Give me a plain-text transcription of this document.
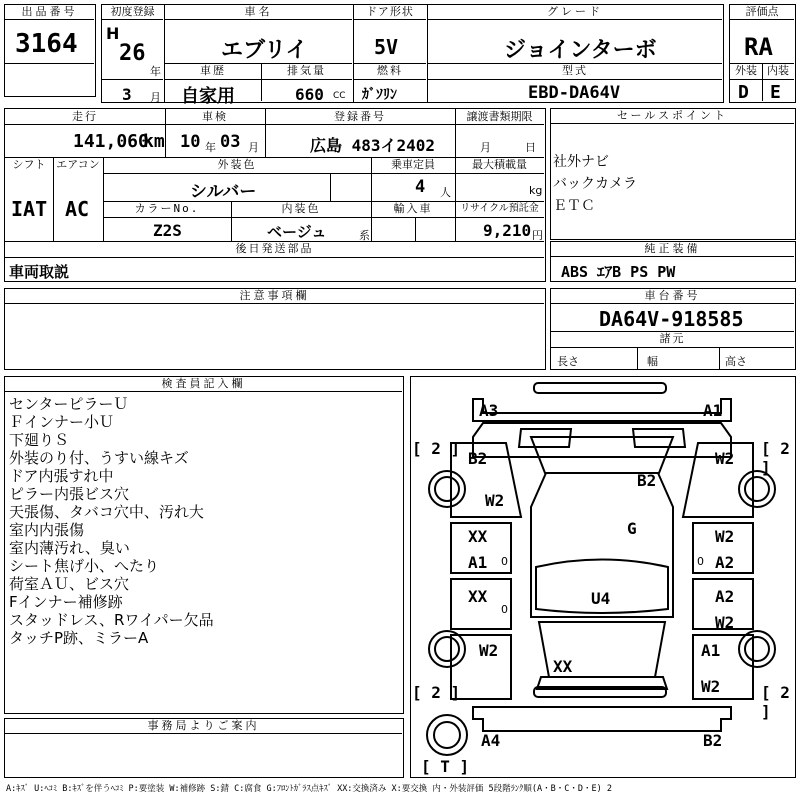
出品番号
3164
初度登録
H
26
年
3 月
車名
エブリイ
車歴	排気量
自家用	660 CC
ドア形状
5V
燃料
ｶﾞｿﾘﾝ
グレード
ジョインターボ
型式
EBD-DA64V
評価点
RA
外装 内装
D E
走行	車検	登録番号	譲渡書類期限
141,060
km 10 年 03 月	広島 483イ2402	月	日
シフト エアコン	外装色	乗車定員	最大積載量
IAT AC
シルバー	4 人	kg
カラーNo.	内装色	輸入車	リサイクル預託金
Z2S	ベージュ	系	9,210 円
後日発送部品
車両取説
セールスポイント
社外ナビ
バックカメラ
ＥＴＣ
純正装備
ABS ｴｱB PS PW
注意事項欄	車台番号
DA64V-918585
諸元
長さ	幅	高さ
検査員記入欄
センターピラーＵ
Ｆインナー小Ｕ
下廻りＳ
外装のり付、うすい線キズ
ドア内張すれ中
ピラー内張ビス穴
天張傷、タバコ穴中、汚れ大
室内内張傷
室内薄汚れ、臭い
シート焦げ小、へたり
荷室ＡＵ、ビス穴
Fインナー補修跡
スタッドレス、Rワイパー欠品
タッチP跡、ミラーA
事務局よりご案内
A3	A1
[ 2 ]	[ 2 ]
B2	W2
B2
W2
G
XX	W2
A1 0	A2
0
XX	U4	A2
0
W2
W2	A1
XX
W2
[ 2 ]	[ 2 ]
A4	B2
[ T ]
A:ｷｽﾞ U:ﾍｺﾐ B:ｷｽﾞを伴うﾍｺﾐ P:要塗装 W:補修跡 S:錆 C:腐食 G:ﾌﾛﾝﾄｶﾞﾗｽ点ｷｽﾞ XX:交換済み X:要交換 内・外装評価 5段階ﾗﾝｸ順(A・B・C・D・E) 2
